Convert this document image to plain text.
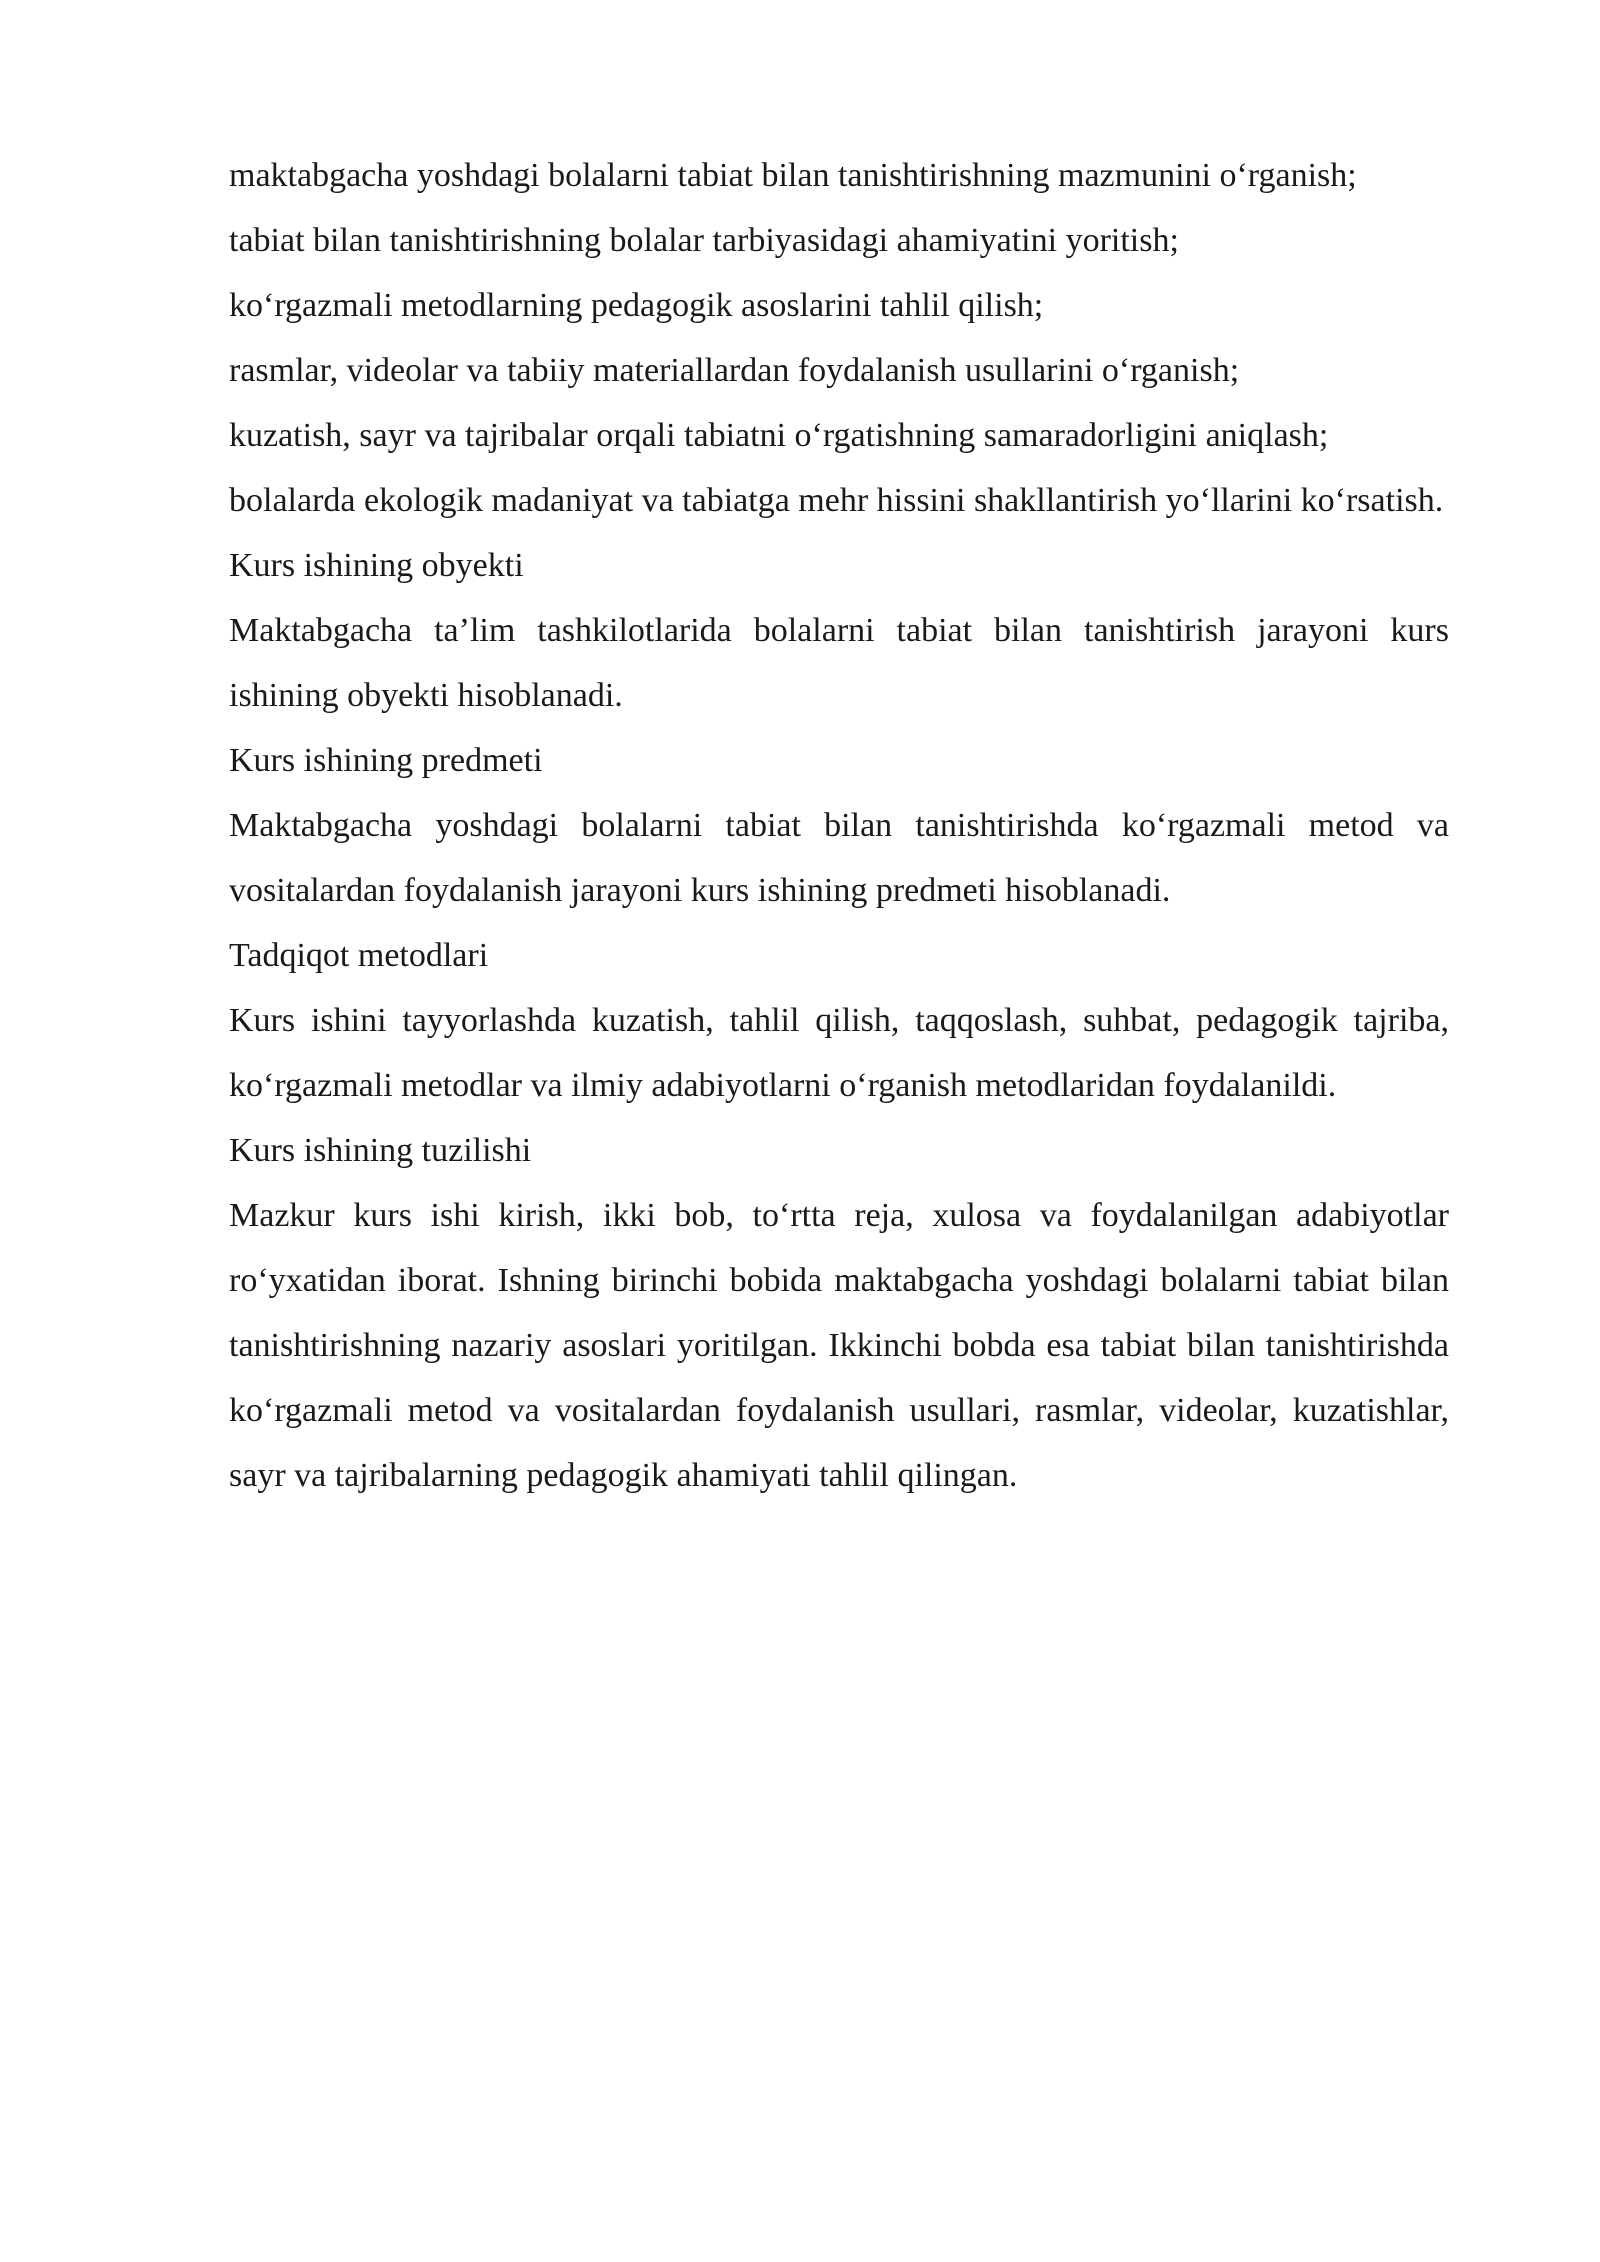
maktabgacha yoshdagi bolalarni tabiat bilan tanishtirishning mazmunini o‘rganish;

tabiat bilan tanishtirishning bolalar tarbiyasidagi ahamiyatini yoritish;

ko‘rgazmali metodlarning pedagogik asoslarini tahlil qilish;

rasmlar, videolar va tabiiy materiallardan foydalanish usullarini o‘rganish;

kuzatish, sayr va tajribalar orqali tabiatni o‘rgatishning samaradorligini aniqlash;

bolalarda ekologik madaniyat va tabiatga mehr hissini shakllantirish yo‘llarini ko‘rsatish.

Kurs ishining obyekti

Maktabgacha ta’lim tashkilotlarida bolalarni tabiat bilan tanishtirish jarayoni kurs ishining obyekti hisoblanadi.

Kurs ishining predmeti

Maktabgacha yoshdagi bolalarni tabiat bilan tanishtirishda ko‘rgazmali metod va vositalardan foydalanish jarayoni kurs ishining predmeti hisoblanadi.

Tadqiqot metodlari

Kurs ishini tayyorlashda kuzatish, tahlil qilish, taqqoslash, suhbat, pedagogik tajriba, ko‘rgazmali metodlar va ilmiy adabiyotlarni o‘rganish metodlaridan foydalanildi.

Kurs ishining tuzilishi

Mazkur kurs ishi kirish, ikki bob, to‘rtta reja, xulosa va foydalanilgan adabiyotlar ro‘yxatidan iborat. Ishning birinchi bobida maktabgacha yoshdagi bolalarni tabiat bilan tanishtirishning nazariy asoslari yoritilgan. Ikkinchi bobda esa tabiat bilan tanishtirishda ko‘rgazmali metod va vositalardan foydalanish usullari, rasmlar, videolar, kuzatishlar, sayr va tajribalarning pedagogik ahamiyati tahlil qilingan.
